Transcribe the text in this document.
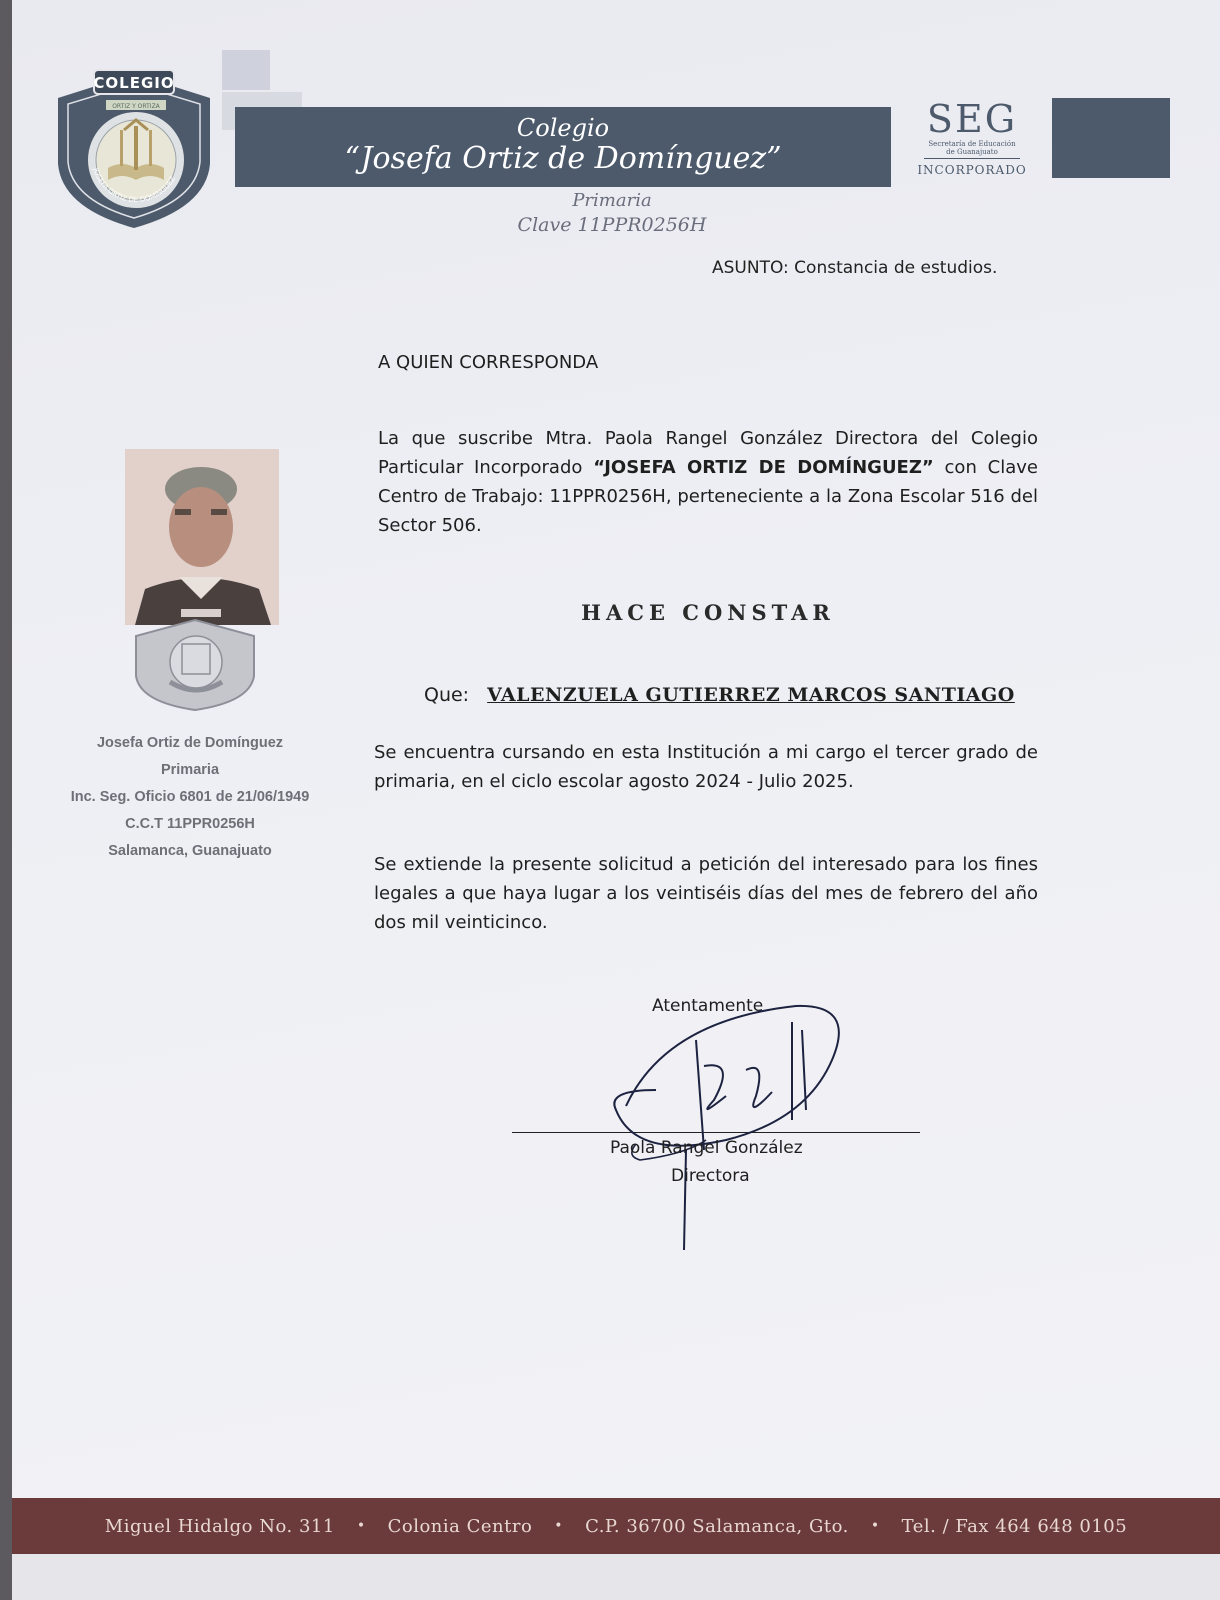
COLEGIO
ORTIZ Y ORTIZA
JOSEFA ORTIZ DE DOMÍNGUEZ
Colegio
“Josefa Ortiz de Domínguez”
SEG
Secretaría de Educación
de Guanajuato
INCORPORADO
Primaria
Clave 11PPR0256H
ASUNTO: Constancia de estudios.
A QUIEN CORRESPONDA
La que suscribe Mtra. Paola Rangel González Directora del Colegio Particular Incorporado “JOSEFA ORTIZ DE DOMÍNGUEZ” con Clave Centro de Trabajo: 11PPR0256H, perteneciente a la Zona Escolar 516 del Sector 506.
HACE CONSTAR
Que: VALENZUELA GUTIERREZ MARCOS SANTIAGO
Se encuentra cursando en esta Institución a mi cargo el tercer grado de primaria, en el ciclo escolar agosto 2024 - Julio 2025.
Se extiende la presente solicitud a petición del interesado para los fines legales a que haya lugar a los veintiséis días del mes de febrero del año dos mil veinticinco.
Josefa Ortiz de Domínguez
Primaria
Inc. Seg. Oficio 6801 de 21/06/1949
C.C.T 11PPR0256H
Salamanca, Guanajuato
Atentamente
Paola Rangel González
Directora
Miguel Hidalgo No. 311 • Colonia Centro • C.P. 36700 Salamanca, Gto. • Tel. / Fax 464 648 0105
